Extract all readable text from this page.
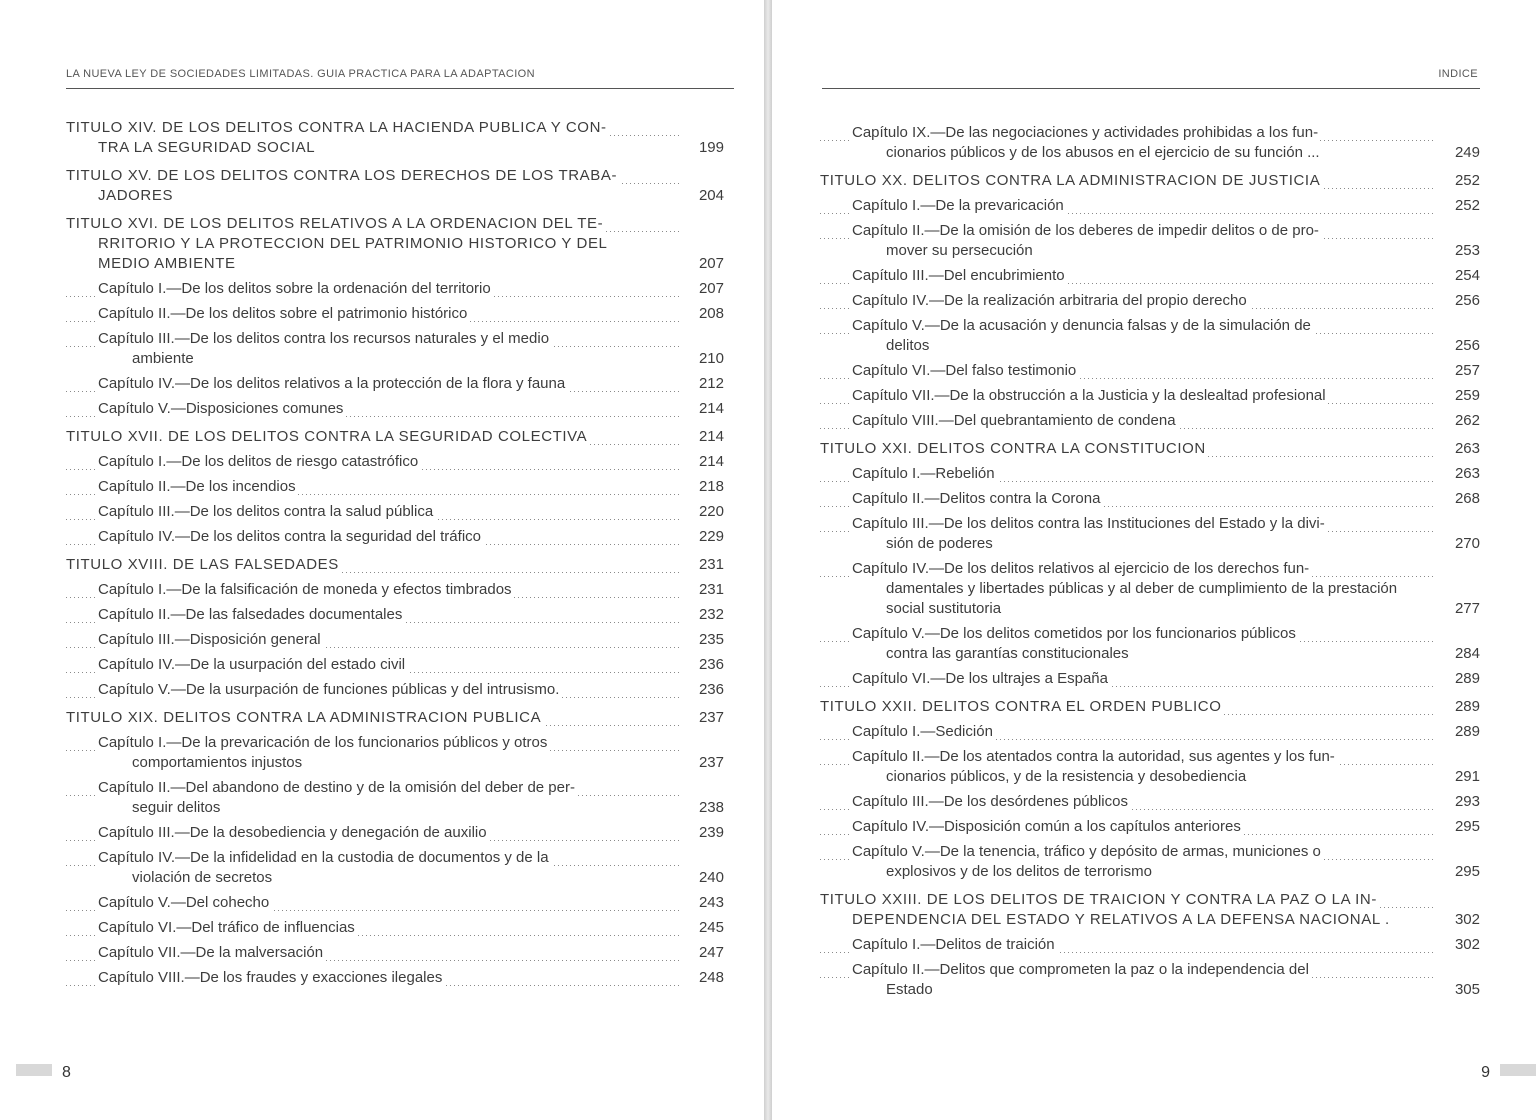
LA NUEVA LEY DE SOCIEDADES LIMITADAS. GUIA PRACTICA PARA LA ADAPTACION
TITULO XIV. DE LOS DELITOS CONTRA LA HACIENDA PUBLICA Y CON-
TRA LA SEGURIDAD SOCIAL	199
TITULO XV. DE LOS DELITOS CONTRA LOS DERECHOS DE LOS TRABA-
JADORES	204
TITULO XVI. DE LOS DELITOS RELATIVOS A LA ORDENACION DEL TE-
RRITORIO Y LA PROTECCION DEL PATRIMONIO HISTORICO Y DEL MEDIO AMBIENTE	207
Capítulo I.—De los delitos sobre la ordenación del territorio	207
Capítulo II.—De los delitos sobre el patrimonio histórico	208
Capítulo III.—De los delitos contra los recursos naturales y el medio
ambiente	210
Capítulo IV.—De los delitos relativos a la protección de la flora y fauna	212
Capítulo V.—Disposiciones comunes	214
TITULO XVII. DE LOS DELITOS CONTRA LA SEGURIDAD COLECTIVA	214
Capítulo I.—De los delitos de riesgo catastrófico	214
Capítulo II.—De los incendios	218
Capítulo III.—De los delitos contra la salud pública	220
Capítulo IV.—De los delitos contra la seguridad del tráfico	229
TITULO XVIII. DE LAS FALSEDADES	231
Capítulo I.—De la falsificación de moneda y efectos timbrados	231
Capítulo II.—De las falsedades documentales	232
Capítulo III.—Disposición general	235
Capítulo IV.—De la usurpación del estado civil	236
Capítulo V.—De la usurpación de funciones públicas y del intrusismo.	236
TITULO XIX. DELITOS CONTRA LA ADMINISTRACION PUBLICA	237
Capítulo I.—De la prevaricación de los funcionarios públicos y otros
comportamientos injustos	237
Capítulo II.—Del abandono de destino y de la omisión del deber de per-
seguir delitos	238
Capítulo III.—De la desobediencia y denegación de auxilio	239
Capítulo IV.—De la infidelidad en la custodia de documentos y de la
violación de secretos	240
Capítulo V.—Del cohecho	243
Capítulo VI.—Del tráfico de influencias	245
Capítulo VII.—De la malversación	247
Capítulo VIII.—De los fraudes y exacciones ilegales	248
8
INDICE
Capítulo IX.—De las negociaciones y actividades prohibidas a los fun-
cionarios públicos y de los abusos en el ejercicio de su función ...	249
TITULO XX. DELITOS CONTRA LA ADMINISTRACION DE JUSTICIA	252
Capítulo I.—De la prevaricación	252
Capítulo II.—De la omisión de los deberes de impedir delitos o de pro-
mover su persecución	253
Capítulo III.—Del encubrimiento	254
Capítulo IV.—De la realización arbitraria del propio derecho	256
Capítulo V.—De la acusación y denuncia falsas y de la simulación de
delitos	256
Capítulo VI.—Del falso testimonio	257
Capítulo VII.—De la obstrucción a la Justicia y la deslealtad profesional	259
Capítulo VIII.—Del quebrantamiento de condena	262
TITULO XXI. DELITOS CONTRA LA CONSTITUCION	263
Capítulo I.—Rebelión	263
Capítulo II.—Delitos contra la Corona	268
Capítulo III.—De los delitos contra las Instituciones del Estado y la divi-
sión de poderes	270
Capítulo IV.—De los delitos relativos al ejercicio de los derechos fun-
damentales y libertades públicas y al deber de cumplimiento de la prestación social sustitutoria	277
Capítulo V.—De los delitos cometidos por los funcionarios públicos
contra las garantías constitucionales	284
Capítulo VI.—De los ultrajes a España	289
TITULO XXII. DELITOS CONTRA EL ORDEN PUBLICO	289
Capítulo I.—Sedición	289
Capítulo II.—De los atentados contra la autoridad, sus agentes y los fun-
cionarios públicos, y de la resistencia y desobediencia	291
Capítulo III.—De los desórdenes públicos	293
Capítulo IV.—Disposición común a los capítulos anteriores	295
Capítulo V.—De la tenencia, tráfico y depósito de armas, municiones o
explosivos y de los delitos de terrorismo	295
TITULO XXIII. DE LOS DELITOS DE TRAICION Y CONTRA LA PAZ O LA IN-
DEPENDENCIA DEL ESTADO Y RELATIVOS A LA DEFENSA NACIONAL .	302
Capítulo I.—Delitos de traición	302
Capítulo II.—Delitos que comprometen la paz o la independencia del
Estado	305
9
